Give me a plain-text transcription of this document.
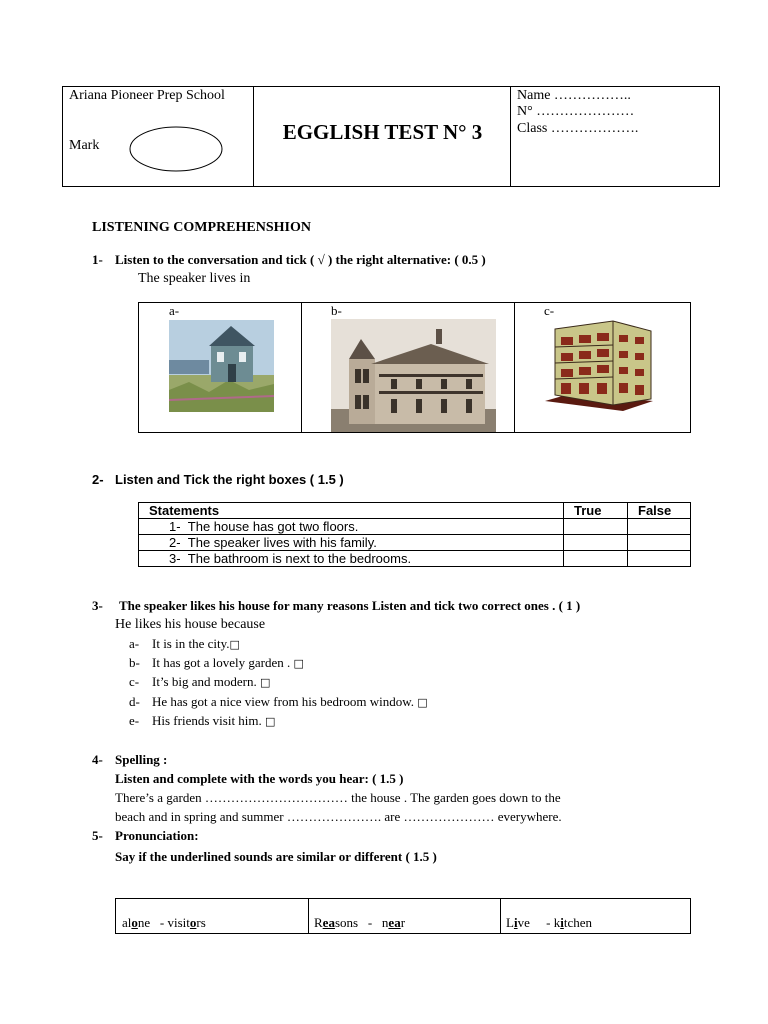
Ariana Pioneer Prep School
Mark
EGGLISH TEST N° 3
Name ……………..
N° …………………
Class ……………….
LISTENING COMPREHENSHION
1- Listen to the conversation and tick ( √ ) the right alternative: ( 0.5 )
The speaker lives in
a-	b-	c-
2- Listen and Tick the right boxes ( 1.5 )
Statements	True	False
1- The house has got two floors.		
2- The speaker lives with his family.		
3- The bathroom is next to the bedrooms.		
3- The speaker likes his house for many reasons Listen and tick two correct ones . ( 1 )
He likes his house because
a- It is in the city.□
b- It has got a lovely garden . □
c- It’s big and modern. □
d- He has got a nice view from his bedroom window. □
e- His friends visit him. □
4- Spelling :
Listen and complete with the words you hear: ( 1.5 )
There’s a garden …………………………… the house . The garden goes down to the
beach and in spring and summer …………………. are ………………… everywhere.
5- Pronunciation:
Say if the underlined sounds are similar or different ( 1.5 )
alone   - visitors	Reasons   -   near	Live     - kitchen
